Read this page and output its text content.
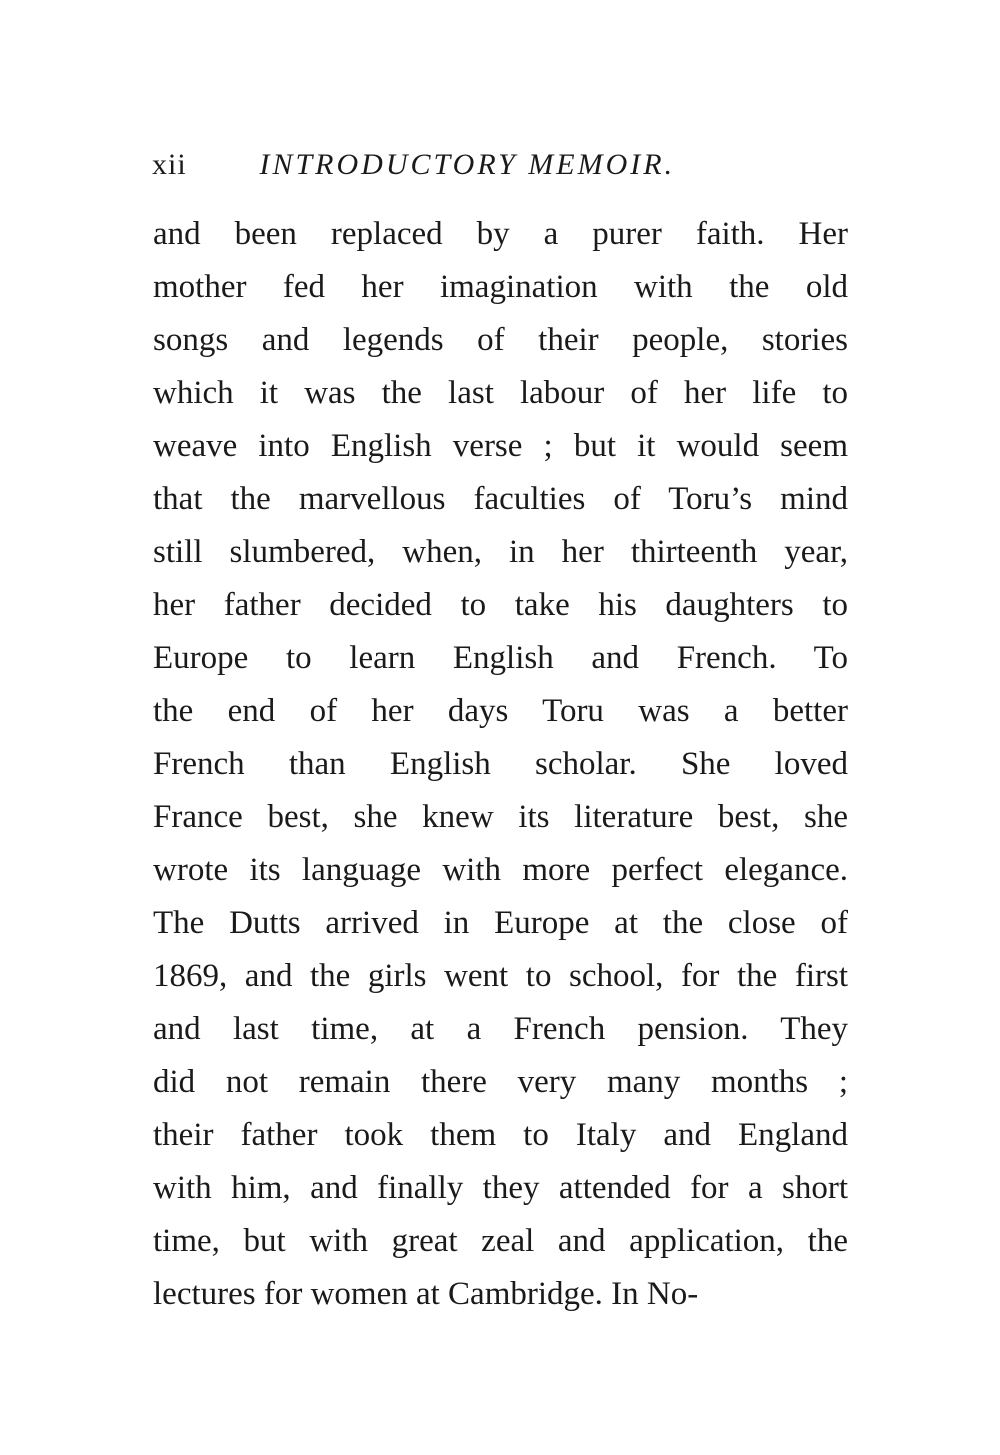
xii INTRODUCTORY MEMOIR.
and been replaced by a purer faith. Her
mother fed her imagination with the old
songs and legends of their people, stories
which it was the last labour of her life to
weave into English verse ; but it would seem
that the marvellous faculties of Toru’s mind
still slumbered, when, in her thirteenth year,
her father decided to take his daughters to
Europe to learn English and French. To
the end of her days Toru was a better
French than English scholar. She loved
France best, she knew its literature best, she
wrote its language with more perfect elegance.
The Dutts arrived in Europe at the close of
1869, and the girls went to school, for the first
and last time, at a French pension. They
did not remain there very many months ;
their father took them to Italy and England
with him, and finally they attended for a short
time, but with great zeal and application, the
lectures for women at Cambridge. In No-
